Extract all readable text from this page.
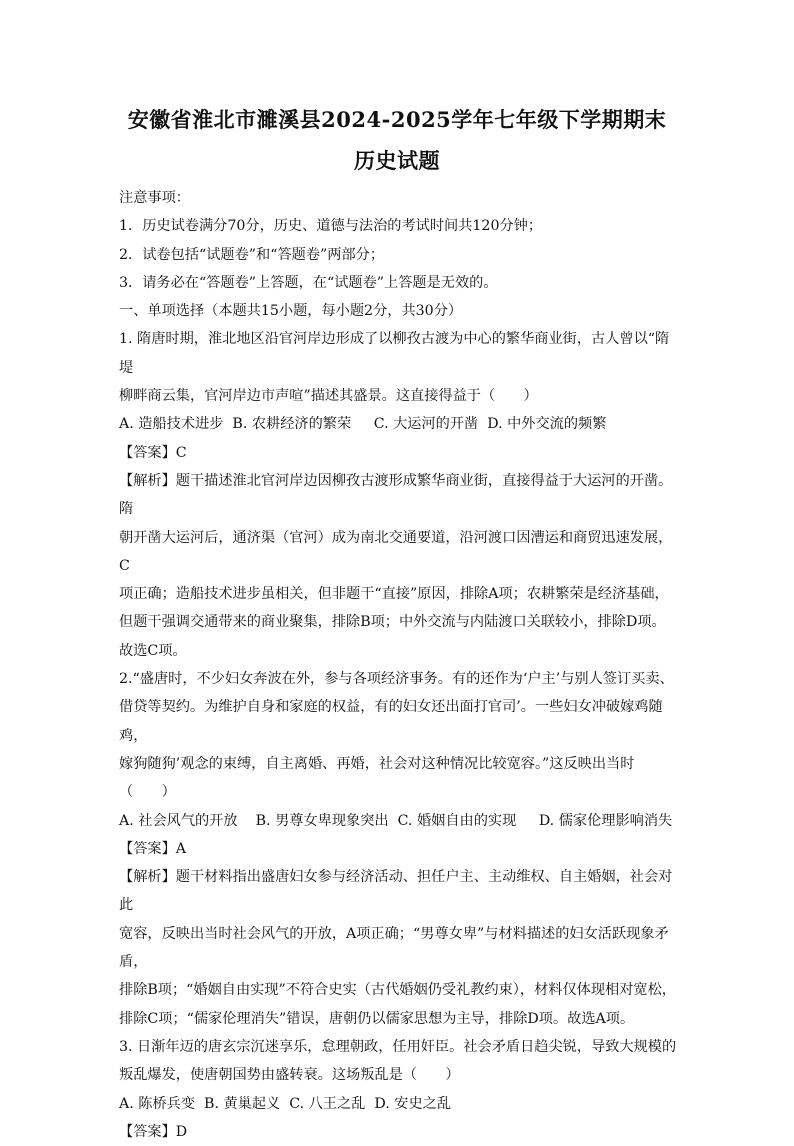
安徽省淮北市濉溪县2024-2025学年七年级下学期期末
历史试题

注意事项：

1．历史试卷满分70分，历史、道德与法治的考试时间共120分钟；

2．试卷包括“试题卷”和“答题卷”两部分；

3．请务必在“答题卷”上答题，在“试题卷”上答题是无效的。

一、单项选择（本题共15小题，每小题2分，共30分）

1. 隋唐时期，淮北地区沿官河岸边形成了以柳孜古渡为中心的繁华商业街，古人曾以“隋堤

柳畔商云集，官河岸边市声喧”描述其盛景。这直接得益于（　　）

A. 造船技术进步  B. 农耕经济的繁荣     C. 大运河的开凿  D. 中外交流的频繁

【答案】C

【解析】题干描述淮北官河岸边因柳孜古渡形成繁华商业街，直接得益于大运河的开凿。隋

朝开凿大运河后，通济渠（官河）成为南北交通要道，沿河渡口因漕运和商贸迅速发展，C

项正确；造船技术进步虽相关，但非题干“直接”原因，排除A项；农耕繁荣是经济基础，

但题干强调交通带来的商业聚集，排除B项；中外交流与内陆渡口关联较小，排除D项。

故选C项。

2.“盛唐时，不少妇女奔波在外，参与各项经济事务。有的还作为‘户主’与别人签订买卖、

借贷等契约。为维护自身和家庭的权益，有的妇女还出面打官司’。一些妇女冲破嫁鸡随鸡，

嫁狗随狗’观念的束缚，自主离婚、再婚，社会对这种情况比较宽容。”这反映出当时（　　）

A. 社会风气的开放    B. 男尊女卑现象突出  C. 婚姻自由的实现     D. 儒家伦理影响消失

【答案】A

【解析】题干材料指出盛唐妇女参与经济活动、担任户主、主动维权、自主婚姻，社会对此

宽容，反映出当时社会风气的开放，A项正确；“男尊女卑”与材料描述的妇女活跃现象矛盾，

排除B项；“婚姻自由实现”不符合史实（古代婚姻仍受礼教约束），材料仅体现相对宽松，

排除C项；“儒家伦理消失”错误，唐朝仍以儒家思想为主导，排除D项。故选A项。

3. 日渐年迈的唐玄宗沉迷享乐，怠理朝政，任用奸臣。社会矛盾日趋尖锐，导致大规模的

叛乱爆发，使唐朝国势由盛转衰。这场叛乱是（　　）

A. 陈桥兵变  B. 黄巢起义  C. 八王之乱  D. 安史之乱

【答案】D
